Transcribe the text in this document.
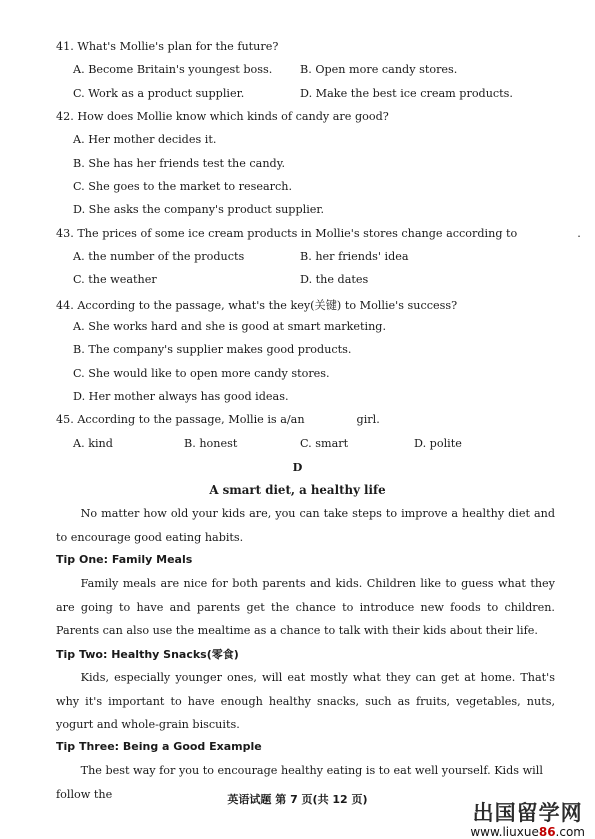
41. What's Mollie's plan for the future?
A. Become Britain's youngest boss. B. Open more candy stores.
C. Work as a product supplier.	D. Make the best ice cream products.
42. How does Mollie know which kinds of candy are good?
A. Her mother decides it.
B. She has her friends test the candy.
C. She goes to the market to research.
D. She asks the company's product supplier.
43. The prices of some ice cream products in Mollie's stores change according to	.
A. the number of the products	B. her friends' idea
C. the weather	D. the dates
44. According to the passage, what's the key(关键) to Mollie's success?
A. She works hard and she is good at smart marketing.
B. The company's supplier makes good products.
C. She would like to open more candy stores.
D. Her mother always has good ideas.
45. According to the passage, Mollie is a/an	girl.
A. kind	B. honest	C. smart	D. polite
D
A smart diet, a healthy life
No matter how old your kids are, you can take steps to improve a healthy diet and to encourage good eating habits.
Tip One: Family Meals
Family meals are nice for both parents and kids. Children like to guess what they are going to have and parents get the chance to introduce new foods to children. Parents can also use the mealtime as a chance to talk with their kids about their life.
Tip Two: Healthy Snacks(零食)
Kids, especially younger ones, will eat mostly what they can get at home. That's why it's important to have enough healthy snacks, such as fruits, vegetables, nuts, yogurt and whole-grain biscuits.
Tip Three: Being a Good Example
The best way for you to encourage healthy eating is to eat well yourself. Kids will follow the	英语试题 第 7 页(共 12 页)
出国留学网
www.liuxue86.com
